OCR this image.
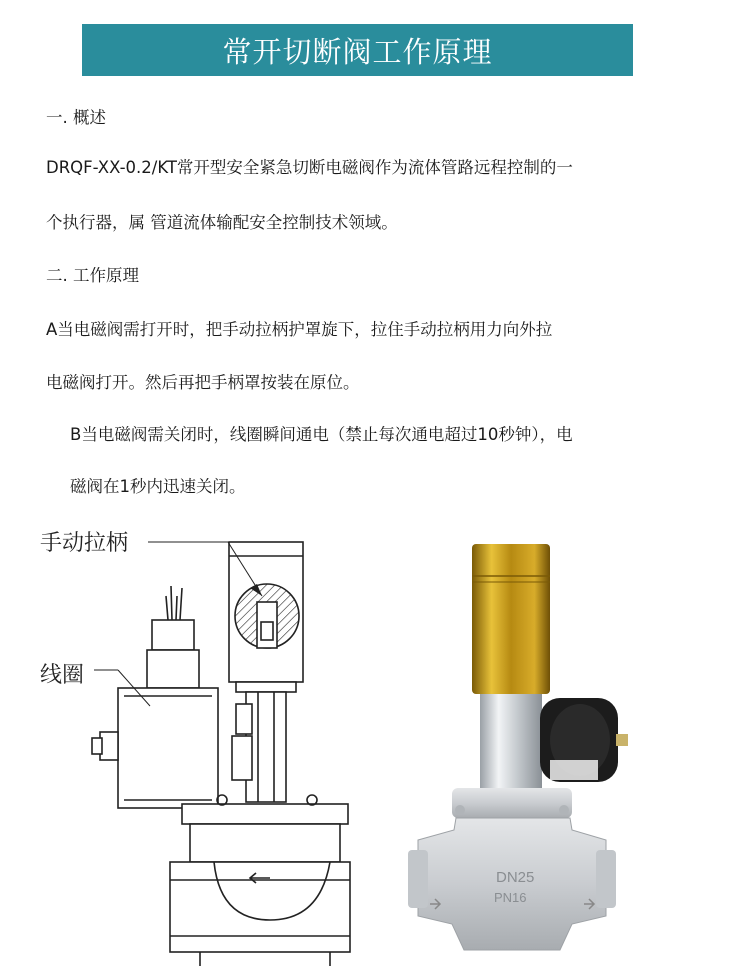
常开切断阀工作原理
一. 概述
DRQF-XX-0.2/KT常开型安全紧急切断电磁阀作为流体管路远程控制的一
个执行器，属 管道流体输配安全控制技术领域。
二. 工作原理
A当电磁阀需打开时，把手动拉柄护罩旋下，拉住手动拉柄用力向外拉
电磁阀打开。然后再把手柄罩按装在原位。
B当电磁阀需关闭时，线圈瞬间通电（禁止每次通电超过10秒钟），电
磁阀在1秒内迅速关闭。
手动拉柄
线圈
DN25
PN16
